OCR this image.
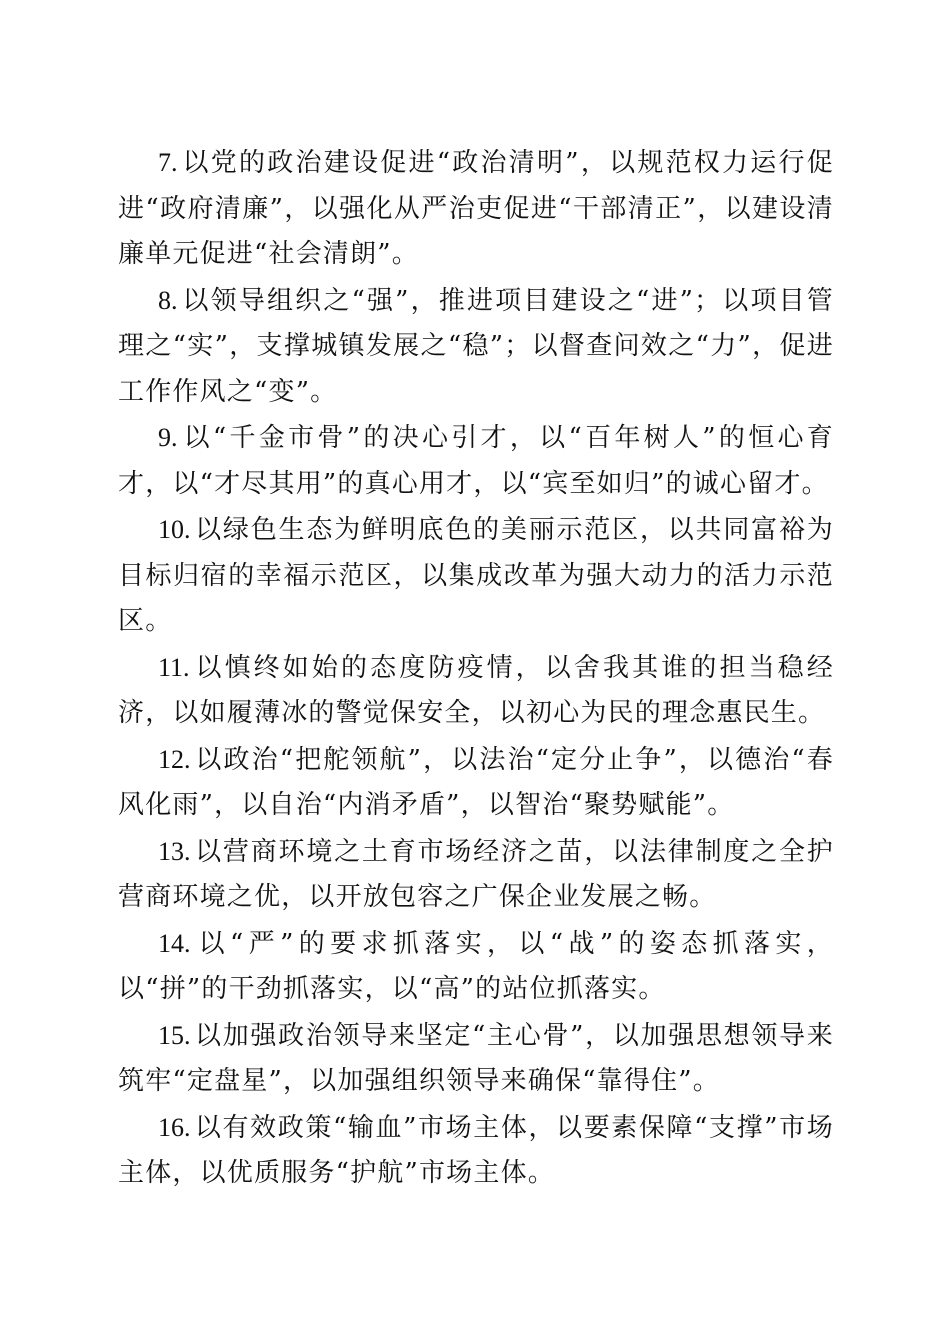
7. 以党的政治建设促进“政治清明”，以规范权力运行促进“政府清廉”，以强化从严治吏促进“干部清正”，以建设清廉单元促进“社会清朗”。

8. 以领导组织之“强”，推进项目建设之“进”；以项目管理之“实”，支撑城镇发展之“稳”；以督查问效之“力”，促进工作作风之“变”。

9. 以“千金市骨”的决心引才，以“百年树人”的恒心育才，以“才尽其用”的真心用才，以“宾至如归”的诚心留才。

10. 以绿色生态为鲜明底色的美丽示范区，以共同富裕为目标归宿的幸福示范区，以集成改革为强大动力的活力示范区。

11. 以慎终如始的态度防疫情，以舍我其谁的担当稳经济，以如履薄冰的警觉保安全，以初心为民的理念惠民生。

12. 以政治“把舵领航”，以法治“定分止争”，以德治“春风化雨”，以自治“内消矛盾”，以智治“聚势赋能”。

13. 以营商环境之土育市场经济之苗，以法律制度之全护营商环境之优，以开放包容之广保企业发展之畅。

14. 以“严”的要求抓落实，以“战”的姿态抓落实，以“拼”的干劲抓落实，以“高”的站位抓落实。

15. 以加强政治领导来坚定“主心骨”，以加强思想领导来筑牢“定盘星”，以加强组织领导来确保“靠得住”。

16. 以有效政策“输血”市场主体，以要素保障“支撑”市场主体，以优质服务“护航”市场主体。
